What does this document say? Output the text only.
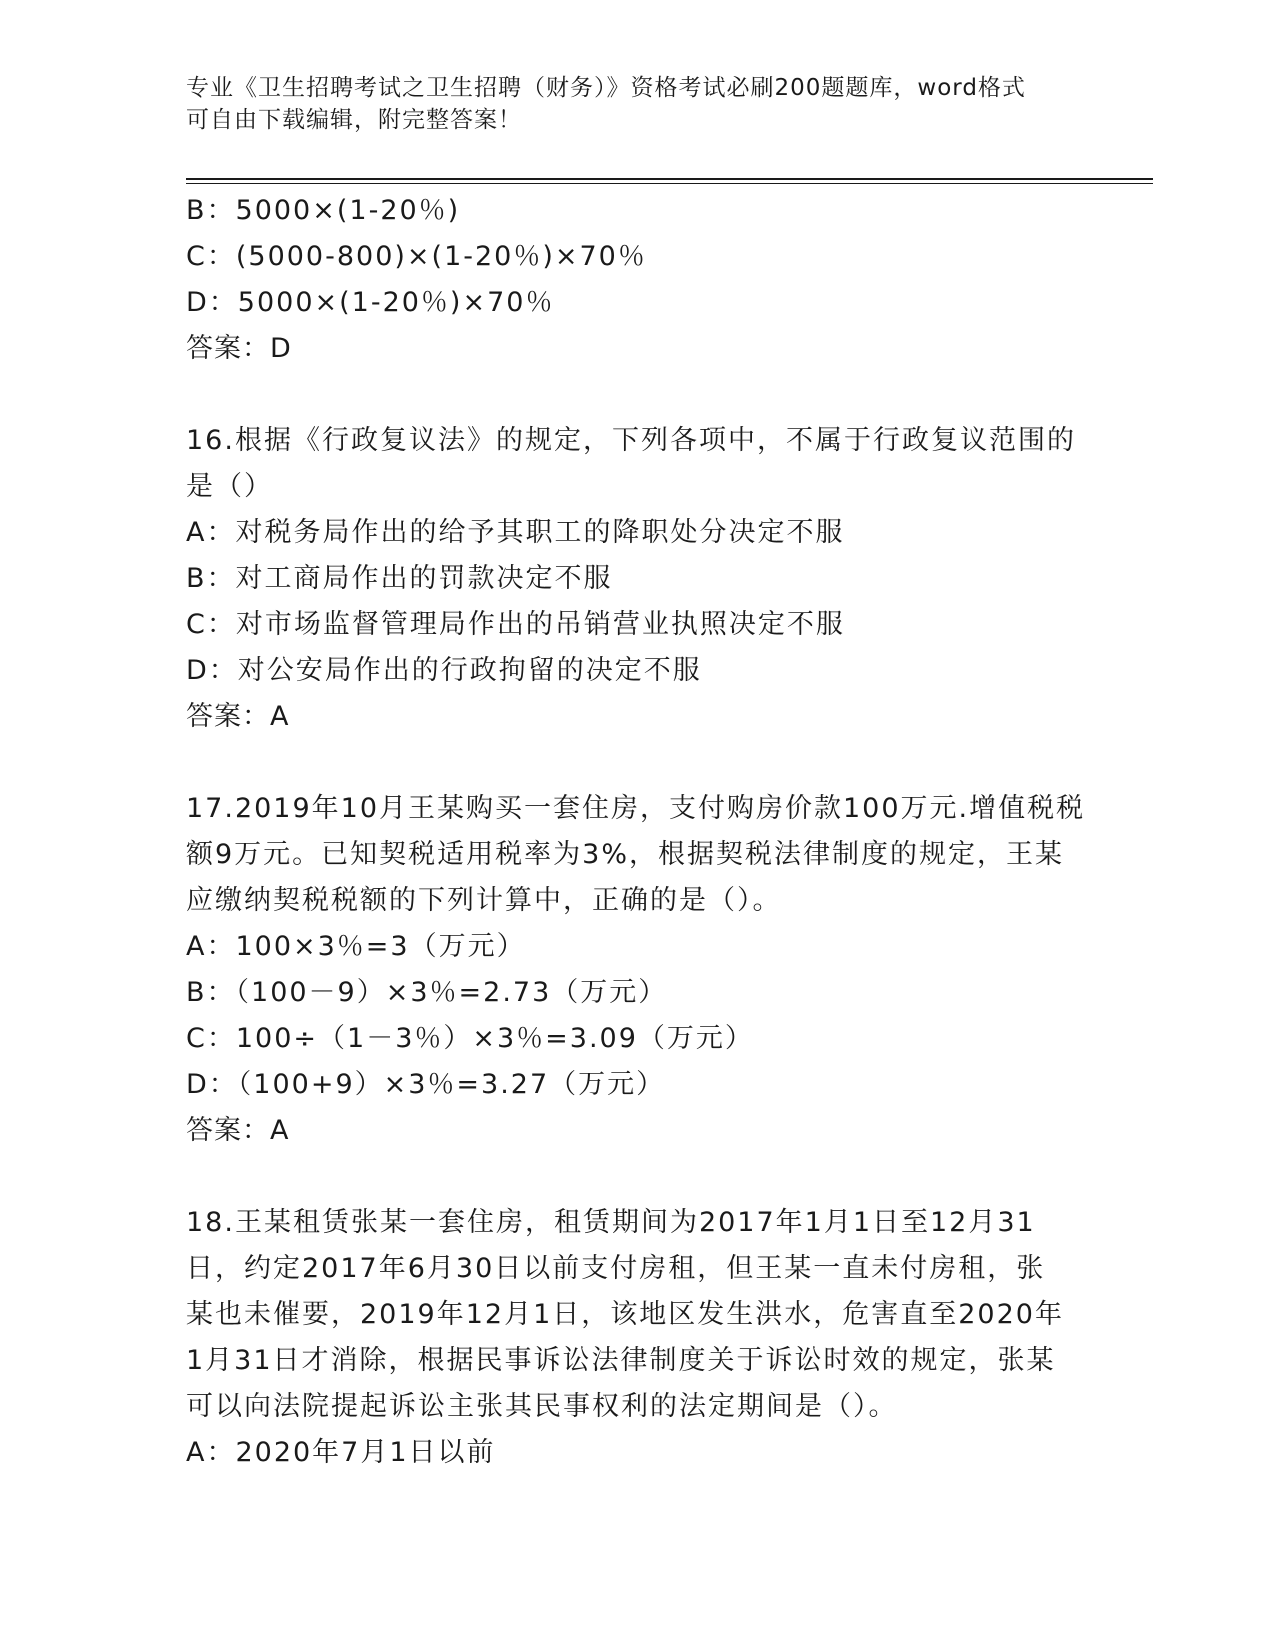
专业《卫生招聘考试之卫生招聘（财务）》资格考试必刷200题题库，word格式
可自由下载编辑，附完整答案！
B：5000×(1-20％)
C：(5000-800)×(1-20％)×70％
D：5000×(1-20％)×70％
答案：D
16.根据《行政复议法》的规定，下列各项中，不属于行政复议范围的
是（）
A：对税务局作出的给予其职工的降职处分决定不服
B：对工商局作出的罚款决定不服
C：对市场监督管理局作出的吊销营业执照决定不服
D：对公安局作出的行政拘留的决定不服
答案：A
17.2019年10月王某购买一套住房，支付购房价款100万元.增值税税
额9万元。已知契税适用税率为3%，根据契税法律制度的规定，王某
应缴纳契税税额的下列计算中，正确的是（）。
A：100×3％=3（万元）
B：（100－9）×3％=2.73（万元）
C：100÷（1－3％）×3％=3.09（万元）
D：（100+9）×3％=3.27（万元）
答案：A
18.王某租赁张某一套住房，租赁期间为2017年1月1日至12月31
日，约定2017年6月30日以前支付房租，但王某一直未付房租，张
某也未催要，2019年12月1日，该地区发生洪水，危害直至2020年
1月31日才消除，根据民事诉讼法律制度关于诉讼时效的规定，张某
可以向法院提起诉讼主张其民事权利的法定期间是（）。
A：2020年7月1日以前
